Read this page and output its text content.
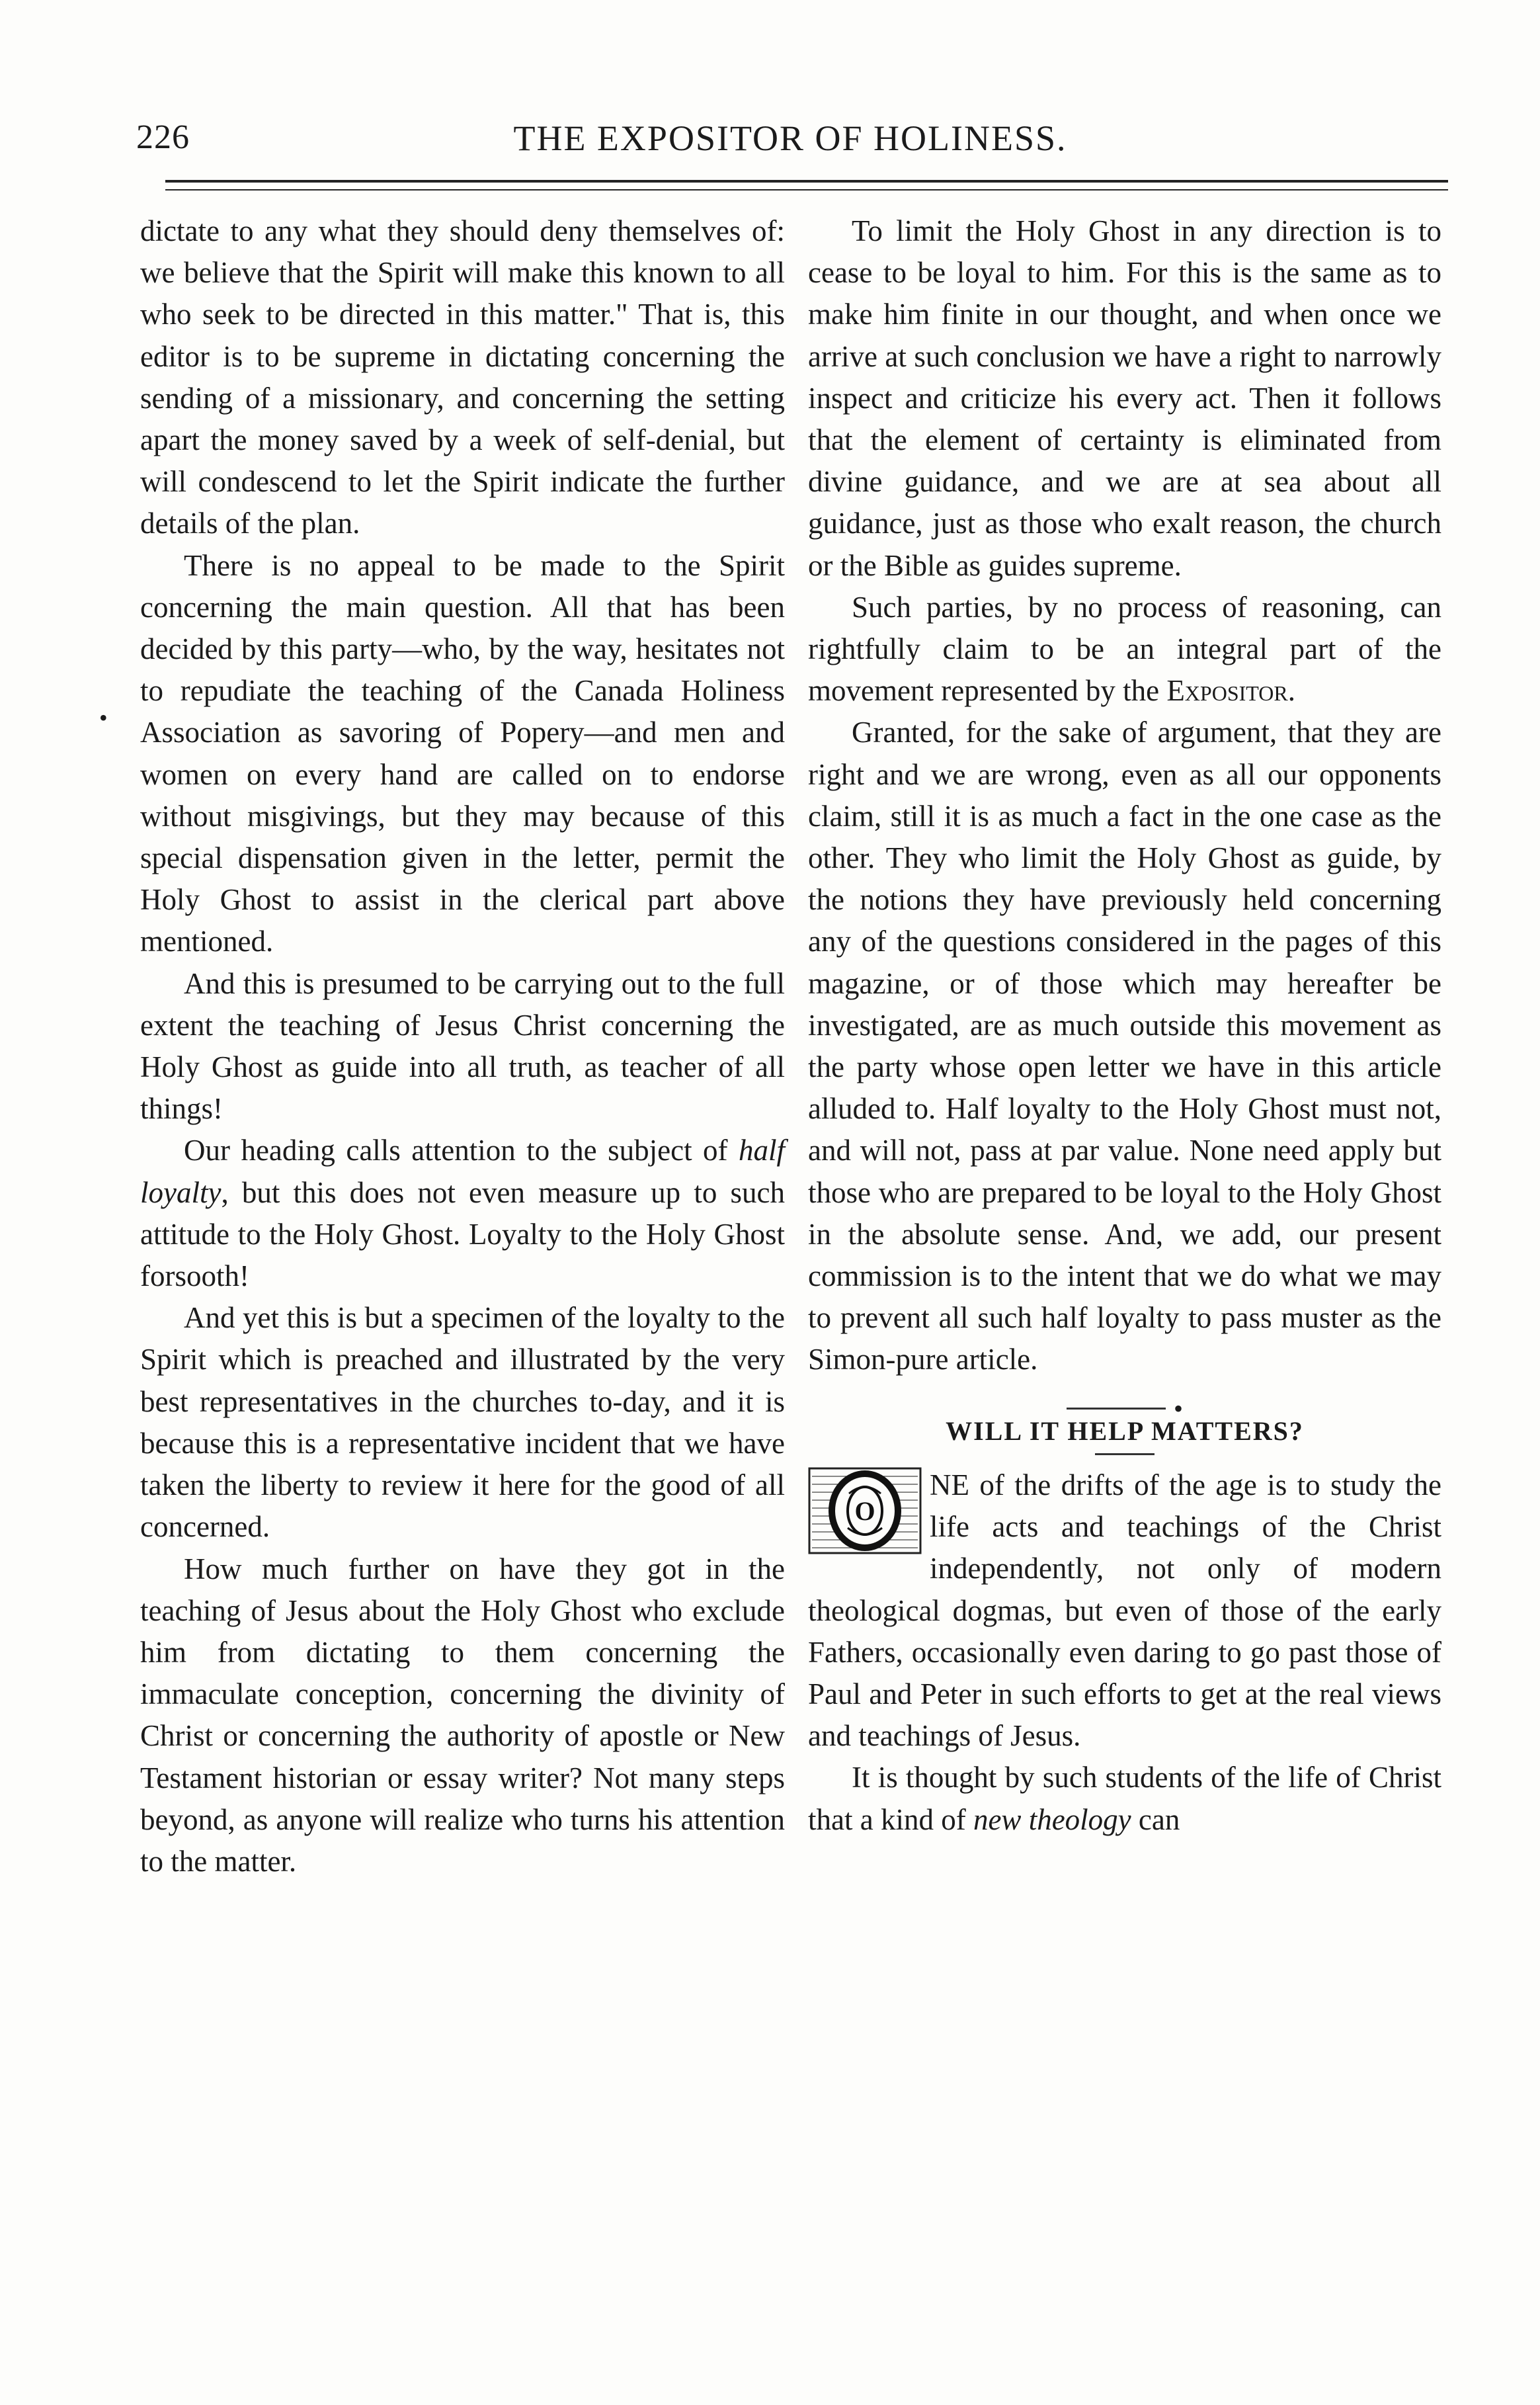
226	THE EXPOSITOR OF HOLINESS.
•

dictate to any what they should deny themselves of: we believe that the Spirit will make this known to all who seek to be directed in this matter." That is, this editor is to be supreme in dictating concerning the sending of a missionary, and concerning the setting apart the money saved by a week of self-denial, but will condescend to let the Spirit indicate the further details of the plan.

There is no appeal to be made to the Spirit concerning the main question. All that has been decided by this party—who, by the way, hesitates not to repudiate the teaching of the Canada Holiness Association as savoring of Popery—and men and women on every hand are called on to endorse without misgivings, but they may because of this special dispensation given in the letter, permit the Holy Ghost to assist in the clerical part above mentioned.

And this is presumed to be carrying out to the full extent the teaching of Jesus Christ concerning the Holy Ghost as guide into all truth, as teacher of all things!

Our heading calls attention to the subject of half loyalty, but this does not even measure up to such attitude to the Holy Ghost. Loyalty to the Holy Ghost forsooth!

And yet this is but a specimen of the loyalty to the Spirit which is preached and illustrated by the very best representatives in the churches to-day, and it is because this is a representative incident that we have taken the liberty to review it here for the good of all concerned.

How much further on have they got in the teaching of Jesus about the Holy Ghost who exclude him from dictating to them concerning the immaculate conception, concerning the divinity of Christ or concerning the authority of apostle or New Testament historian or essay writer? Not many steps beyond, as anyone will realize who turns his attention to the matter.

To limit the Holy Ghost in any direction is to cease to be loyal to him. For this is the same as to make him finite in our thought, and when once we arrive at such conclusion we have a right to narrowly inspect and criticize his every act. Then it follows that the element of certainty is eliminated from divine guidance, and we are at sea about all guidance, just as those who exalt reason, the church or the Bible as guides supreme.

Such parties, by no process of reasoning, can rightfully claim to be an integral part of the movement represented by the Expositor.

Granted, for the sake of argument, that they are right and we are wrong, even as all our opponents claim, still it is as much a fact in the one case as the other. They who limit the Holy Ghost as guide, by the notions they have previously held concerning any of the questions considered in the pages of this magazine, or of those which may hereafter be investigated, are as much outside this movement as the party whose open letter we have in this article alluded to. Half loyalty to the Holy Ghost must not, and will not, pass at par value. None need apply but those who are prepared to be loyal to the Holy Ghost in the absolute sense. And, we add, our present commission is to the intent that we do what we may to prevent all such half loyalty to pass muster as the Simon-pure article.

•
WILL IT HELP MATTERS?

O
NE of the drifts of the age is to study the life acts and teachings of the Christ independently, not only of modern theological dogmas, but even of those of the early Fathers, occasionally even daring to go past those of Paul and Peter in such efforts to get at the real views and teachings of Jesus.

It is thought by such students of the life of Christ that a kind of new theology can
